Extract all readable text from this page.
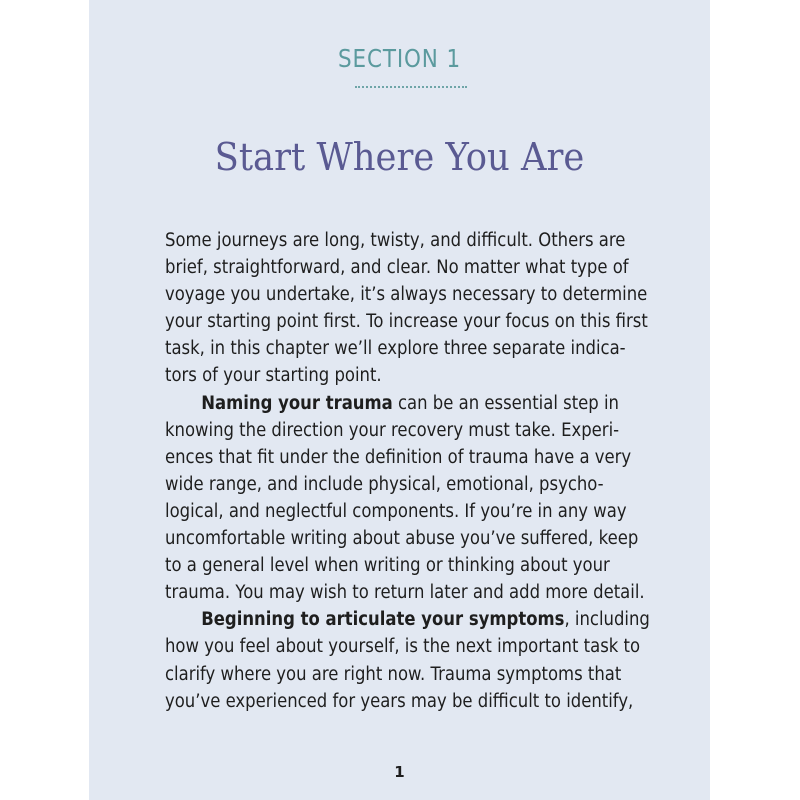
SECTION 1
Start Where You Are
Some journeys are long, twisty, and difficult. Others are
brief, straightforward, and clear. No matter what type of
voyage you undertake, it’s always necessary to determine
your starting point first. To increase your focus on this first
task, in this chapter we’ll explore three separate indica-
tors of your starting point.
Naming your trauma can be an essential step in
knowing the direction your recovery must take. Experi-
ences that fit under the definition of trauma have a very
wide range, and include physical, emotional, psycho-
logical, and neglectful components. If you’re in any way
uncomfortable writing about abuse you’ve suffered, keep
to a general level when writing or thinking about your
trauma. You may wish to return later and add more detail.
Beginning to articulate your symptoms, including
how you feel about yourself, is the next important task to
clarify where you are right now. Trauma symptoms that
you’ve experienced for years may be difficult to identify,
1
